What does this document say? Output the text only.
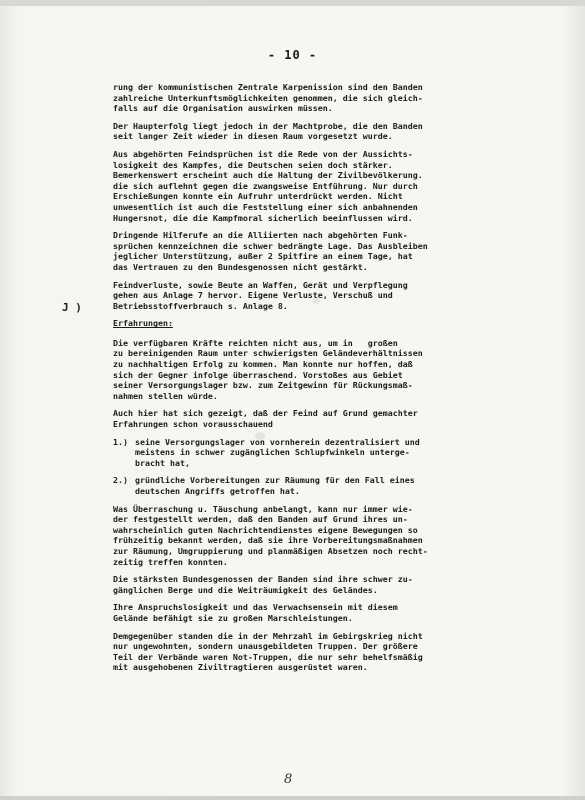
- 10 -
J )
rung der kommunistischen Zentrale Karpenission sind den Banden
zahlreiche Unterkunftsmöglichkeiten genommen, die sich gleich-
falls auf die Organisation auswirken müssen.
Der Haupterfolg liegt jedoch in der Machtprobe, die den Banden
seit langer Zeit wieder in diesen Raum vorgesetzt wurde.
Aus abgehörten Feindsprüchen ist die Rede von der Aussichts-
losigkeit des Kampfes, die Deutschen seien doch stärker.
Bemerkenswert erscheint auch die Haltung der Zivilbevölkerung.
die sich auflehnt gegen die zwangsweise Entführung. Nur durch
Erschießungen konnte ein Aufruhr unterdrückt werden. Nicht
unwesentlich ist auch die Feststellung einer sich anbahnenden
Hungersnot, die die Kampfmoral sicherlich beeinflussen wird.
Dringende Hilferufe an die Alliierten nach abgehörten Funk-
sprüchen kennzeichnen die schwer bedrängte Lage. Das Ausbleiben
jeglicher Unterstützung, außer 2 Spitfire an einem Tage, hat
das Vertrauen zu den Bundesgenossen nicht gestärkt.
Feindverluste, sowie Beute an Waffen, Gerät und Verpflegung
gehen aus Anlage 7 hervor. Eigene Verluste, Verschuß und
Betriebsstoffverbrauch s. Anlage 8.
Erfahrungen:
Die verfügbaren Kräfte reichten nicht aus, um in   großen
zu bereinigenden Raum unter schwierigsten Geländeverhältnissen
zu nachhaltigen Erfolg zu kommen. Man konnte nur hoffen, daß
sich der Gegner infolge überraschend. Vorstoßes aus Gebiet
seiner Versorgungslager bzw. zum Zeitgewinn für Rückungsmaß-
nahmen stellen würde.
Auch hier hat sich gezeigt, daß der Feind auf Grund gemachter
Erfahrungen schon vorausschauend
1.) seine Versorgungslager von vornherein dezentralisiert und
meistens in schwer zugänglichen Schlupfwinkeln untergе-
bracht hat,
2.) gründliche Vorbereitungen zur Räumung für den Fall eines
deutschen Angriffs getroffen hat.
Was Überraschung u. Täuschung anbelangt, kann nur immer wie-
der festgestellt werden, daß den Banden auf Grund ihres un-
wahrscheinlich guten Nachrichtendienstes eigene Bewegungen so
frühzeitig bekannt werden, daß sie ihre Vorbereitungsmaßnahmen
zur Räumung, Umgruppierung und planmäßigen Absetzen noch recht-
zeitig treffen konnten.
Die stärksten Bundesgenossen der Banden sind ihre schwer zu-
gänglichen Berge und die Weiträumigkeit des Geländes.
Ihre Anspruchslosigkeit und das Verwachsensein mit diesem
Gelände befähigt sie zu großen Marschleistungen.
Demgegenüber standen die in der Mehrzahl im Gebirgskrieg nicht
nur ungewohnten, sondern unausgebildeten Truppen. Der größere
Teil der Verbände waren Not-Truppen, die nur sehr behelfsmäßig
mit ausgehobenen Ziviltragtieren ausgerüstet waren.
8
